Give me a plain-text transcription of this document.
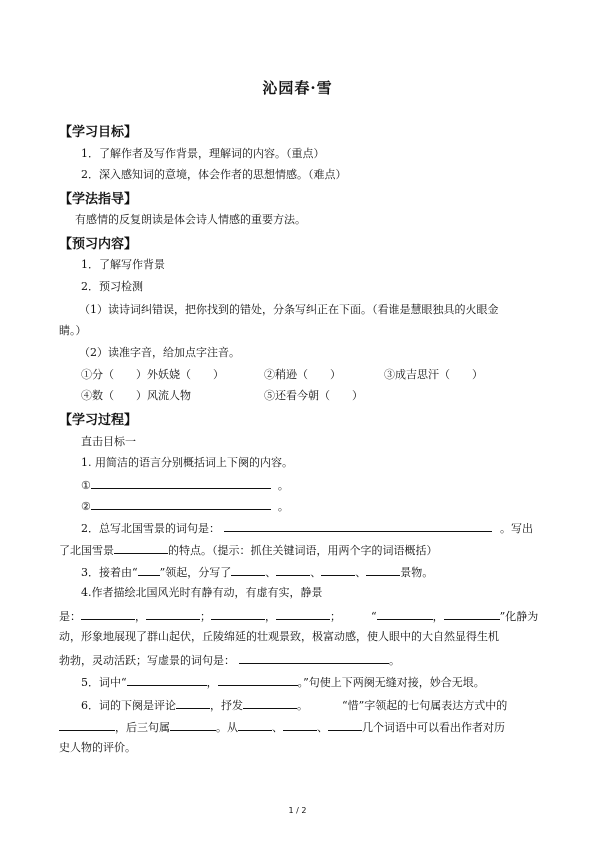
沁园春·雪
【学习目标】
1．了解作者及写作背景，理解词的内容。（重点）
2．深入感知词的意境，体会作者的思想情感。（难点）
【学法指导】
有感情的反复朗读是体会诗人情感的重要方法。
【预习内容】
1．了解写作背景
2．预习检测
（1）读诗词纠错误，把你找到的错处，分条写纠正在下面。（看谁是慧眼独具的火眼金
睛。）
（2）读准字音，给加点字注音。
①分（　　）外妖娆（　　）	②稍逊（　　）	③成吉思汗（　　）
④数（　　）风流人物	⑤还看今朝（　　）
【学习过程】
直击目标一
1. 用简洁的语言分别概括词上下阕的内容。
①	。
②	。
2．总写北国雪景的词句是：	。写出
了北国雪景	的特点。（提示：抓住关键词语，用两个字的词语概括）
3．接着由“ ”领起，分写了	、	、	、	景物。
4.作者描绘北国风光时有静有动，有虚有实，静景
是：	，	；	，	；	“	，	”化静为
动，形象地展现了群山起伏，丘陵绵延的壮观景致，极富动感，使人眼中的大自然显得生机
勃勃，灵动活跃；写虚景的词句是：	。
5．词中“	，	。”句使上下两阕无缝对接，妙合无垠。
6．词的下阕是评论	，抒发	。	“惜”字领起的七句属表达方式中的
，后三句属	。从	、	、	几个词语中可以看出作者对历
史人物的评价。
1 / 2
